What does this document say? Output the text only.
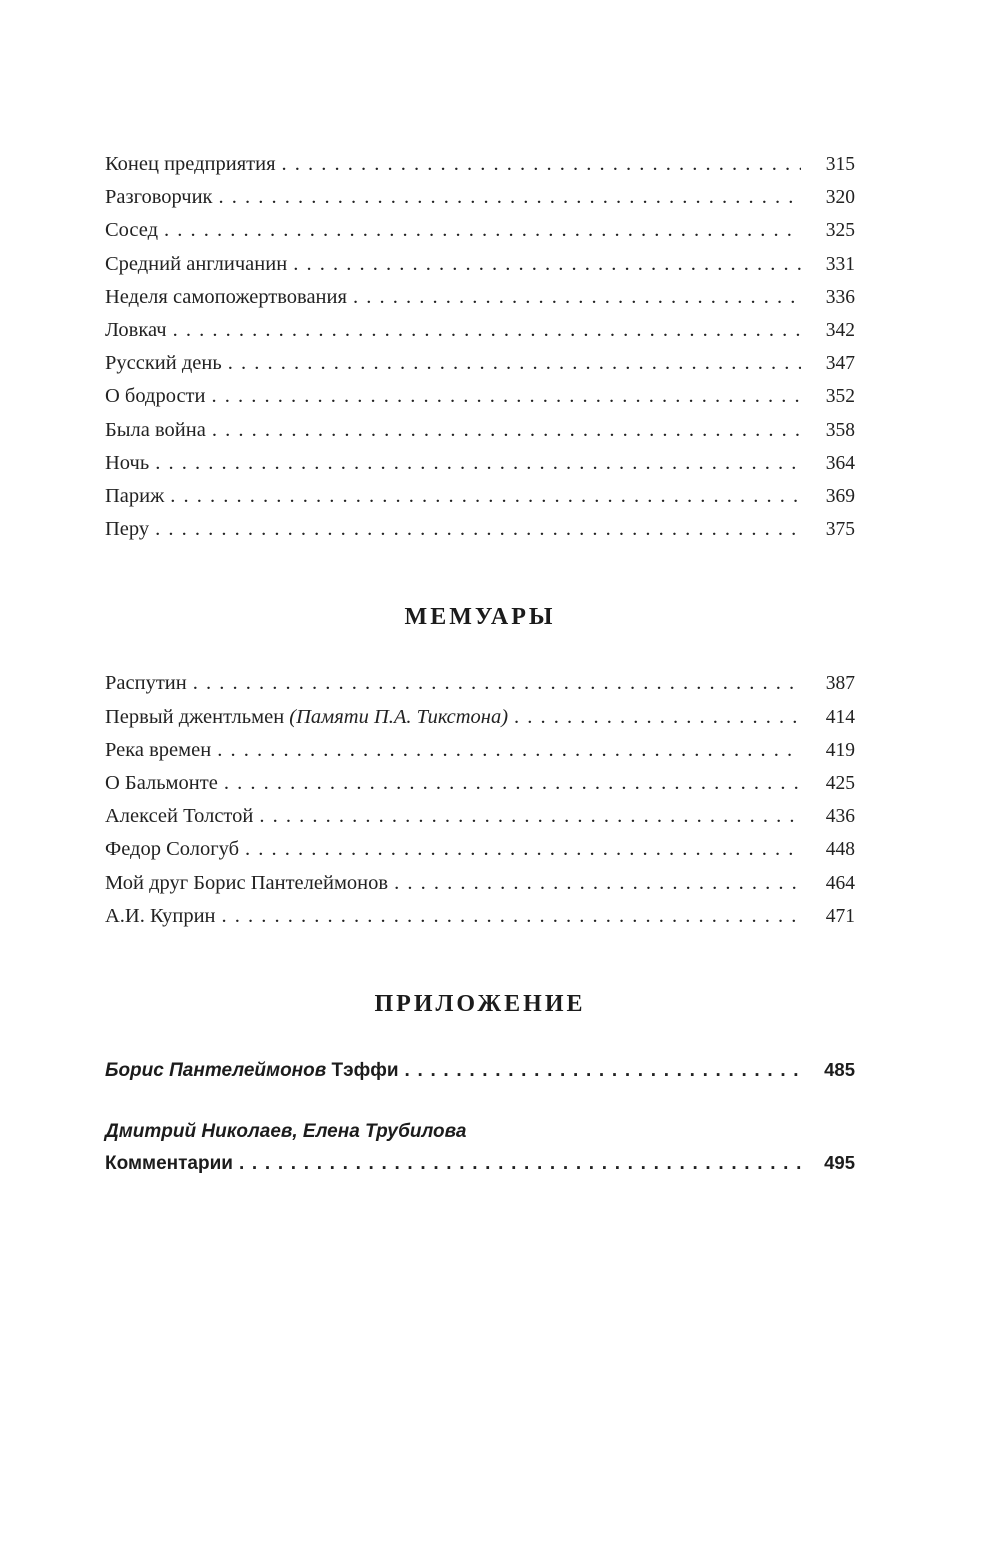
Конец предприятия . . .	315
Разговорчик . . .	320
Сосед . . .	325
Средний англичанин . . .	331
Неделя самопожертвования . . .	336
Ловкач . . .	342
Русский день . . .	347
О бодрости . . .	352
Была война . . .	358
Ночь . . .	364
Париж . . .	369
Перу . . .	375
МЕМУАРЫ
Распутин . . .	387
Первый джентльмен (Памяти П.А. Тикстона) . . .	414
Река времен . . .	419
О Бальмонте . . .	425
Алексей Толстой . . .	436
Федор Сологуб . . .	448
Мой друг Борис Пантелеймонов . . .	464
А.И. Куприн . . .	471
ПРИЛОЖЕНИЕ
Борис Пантелеймонов Тэффи . . .	485
Дмитрий Николаев, Елена Трубилова
Комментарии . . .	495
